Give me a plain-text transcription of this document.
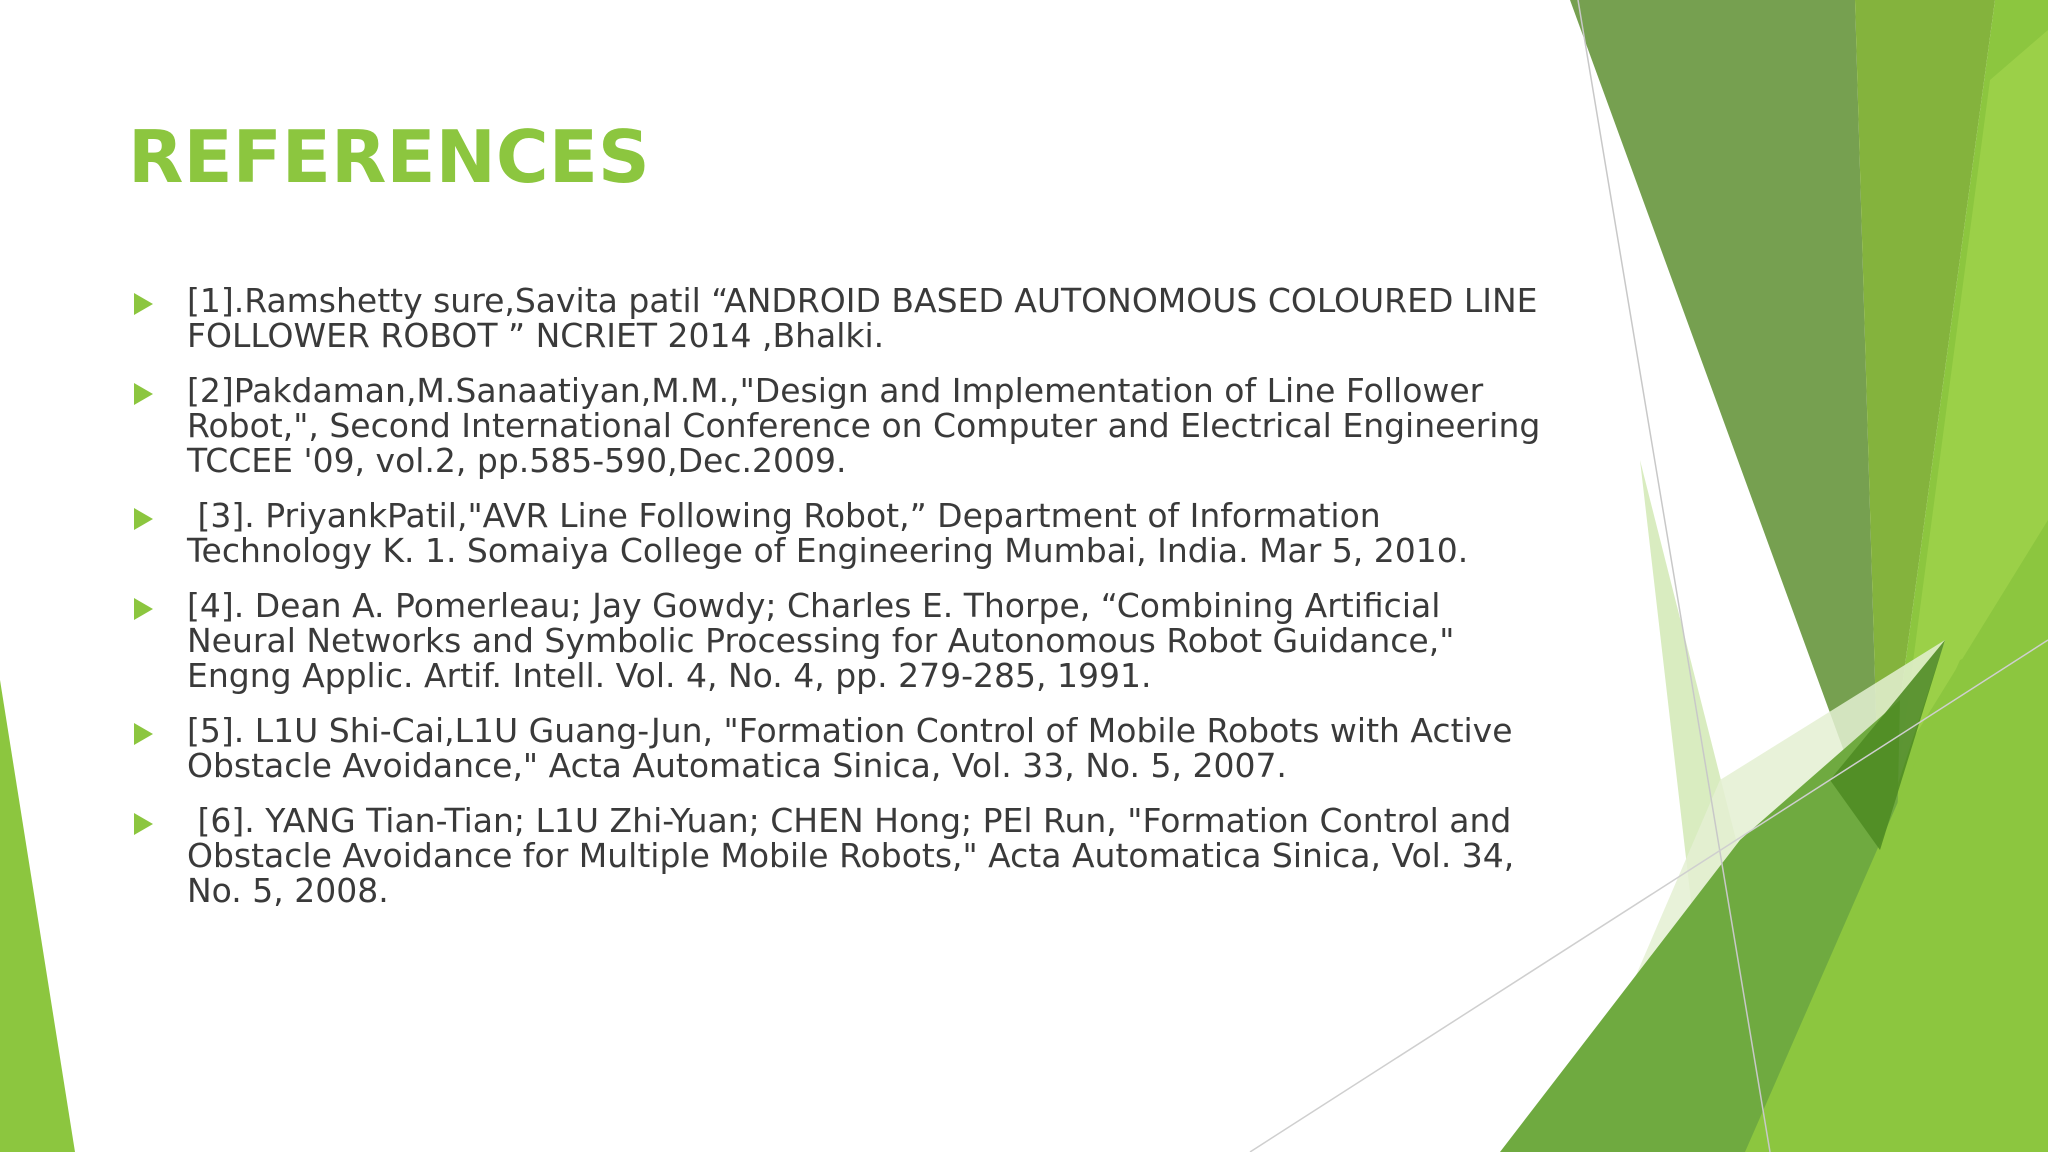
REFERENCES
[1].Ramshetty sure,Savita patil “ANDROID BASED AUTONOMOUS COLOURED LINE FOLLOWER ROBOT ” NCRIET 2014 ,Bhalki.
[2]Pakdaman,M.Sanaatiyan,M.M.,"Design and Implementation of Line Follower Robot,", Second International Conference on Computer and Electrical Engineering TCCEE '09, vol.2, pp.585-590,Dec.2009.
[3]. PriyankPatil,"AVR Line Following Robot,” Department of Information Technology K. 1. Somaiya College of Engineering Mumbai, India. Mar 5, 2010.
[4]. Dean A. Pomerleau; Jay Gowdy; Charles E. Thorpe, “Combining Artificial Neural Networks and Symbolic Processing for Autonomous Robot Guidance," Engng Applic. Artif. Intell. Vol. 4, No. 4, pp. 279-285, 1991.
[5]. L1U Shi-Cai,L1U Guang-Jun, "Formation Control of Mobile Robots with Active Obstacle Avoidance," Acta Automatica Sinica, Vol. 33, No. 5, 2007.
[6]. YANG Tian-Tian; L1U Zhi-Yuan; CHEN Hong; PEl Run, "Formation Control and Obstacle Avoidance for Multiple Mobile Robots," Acta Automatica Sinica, Vol. 34, No. 5, 2008.
